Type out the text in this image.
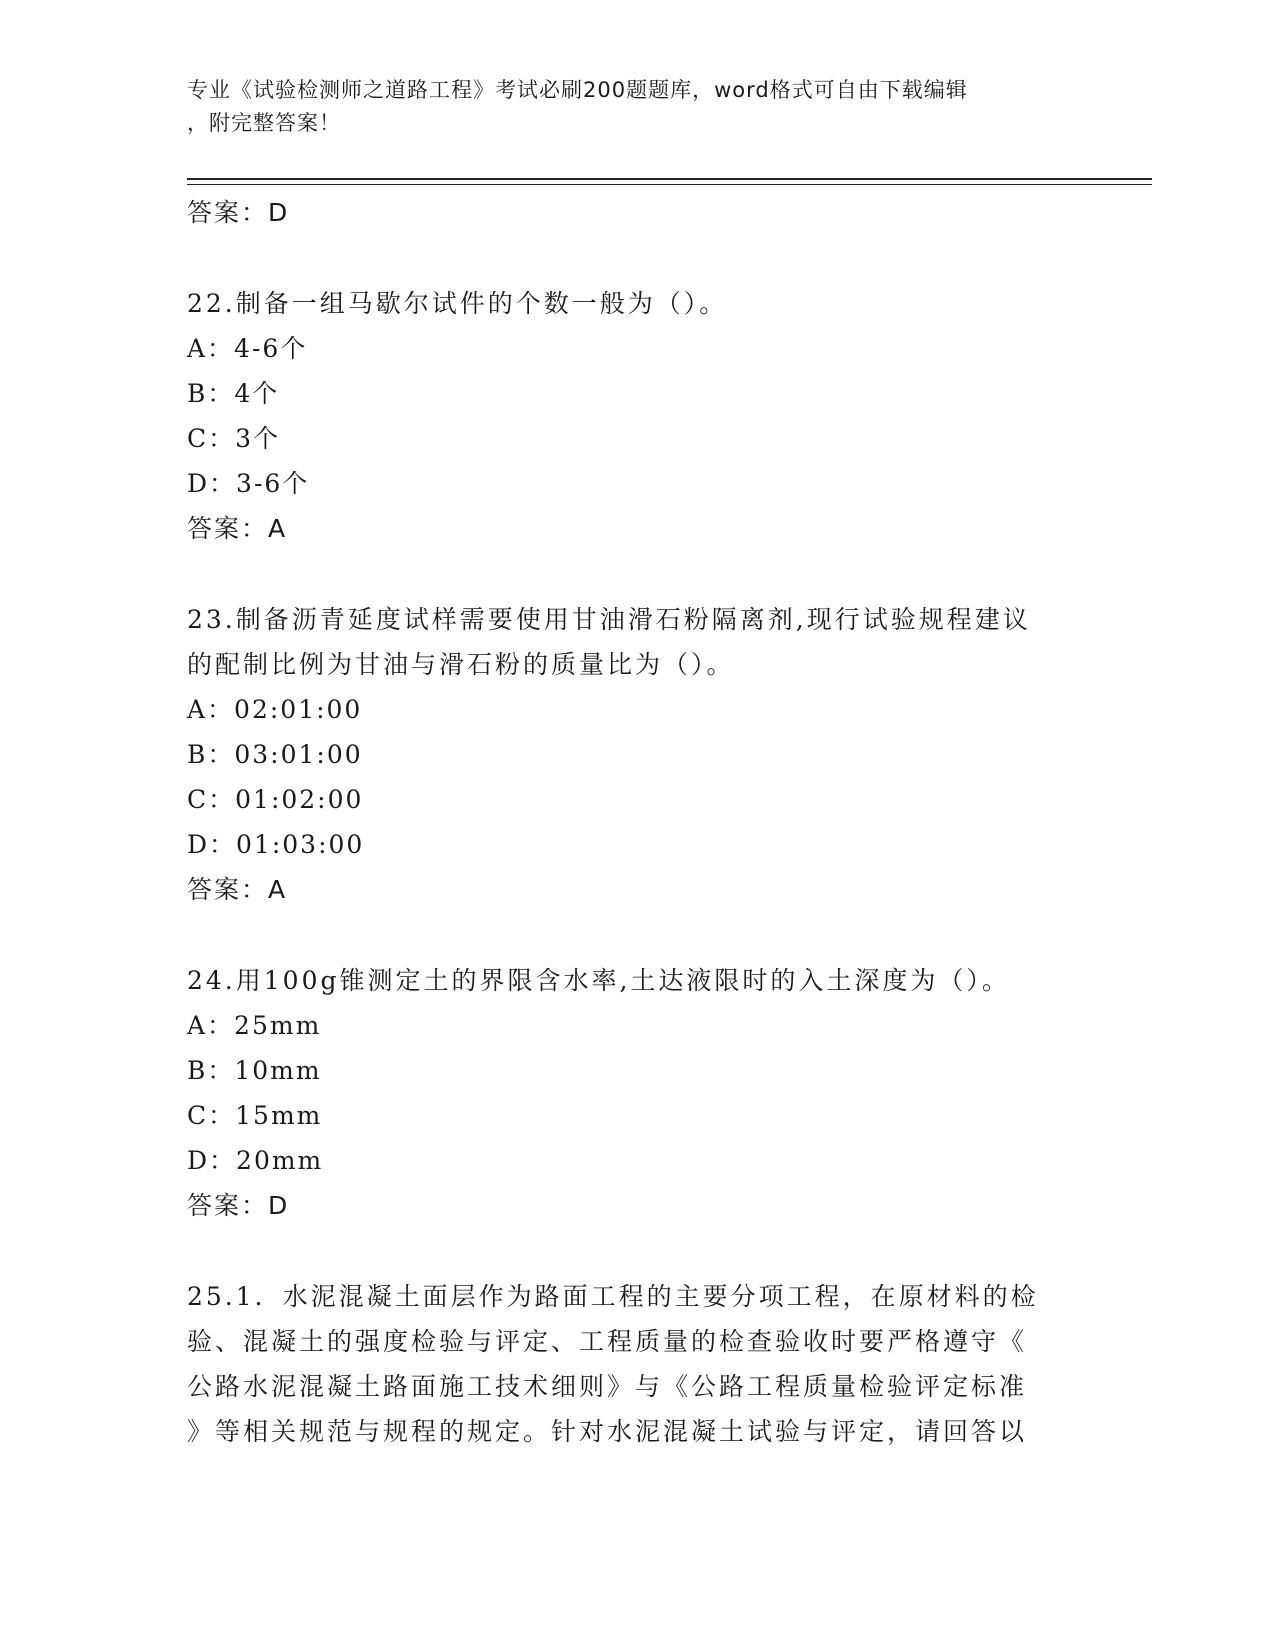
专业《试验检测师之道路工程》考试必刷200题题库，word格式可自由下载编辑
，附完整答案！
答案：D
22.制备一组马歇尔试件的个数一般为（）。
A：4-6个
B：4个
C：3个
D：3-6个
答案：A
23.制备沥青延度试样需要使用甘油滑石粉隔离剂,现行试验规程建议
的配制比例为甘油与滑石粉的质量比为（）。
A：02:01:00
B：03:01:00
C：01:02:00
D：01:03:00
答案：A
24.用100g锥测定土的界限含水率,土达液限时的入土深度为（）。
A：25mm
B：10mm
C：15mm
D：20mm
答案：D
25.1．水泥混凝土面层作为路面工程的主要分项工程，在原材料的检
验、混凝土的强度检验与评定、工程质量的检查验收时要严格遵守《
公路水泥混凝土路面施工技术细则》与《公路工程质量检验评定标准
》等相关规范与规程的规定。针对水泥混凝土试验与评定，请回答以
